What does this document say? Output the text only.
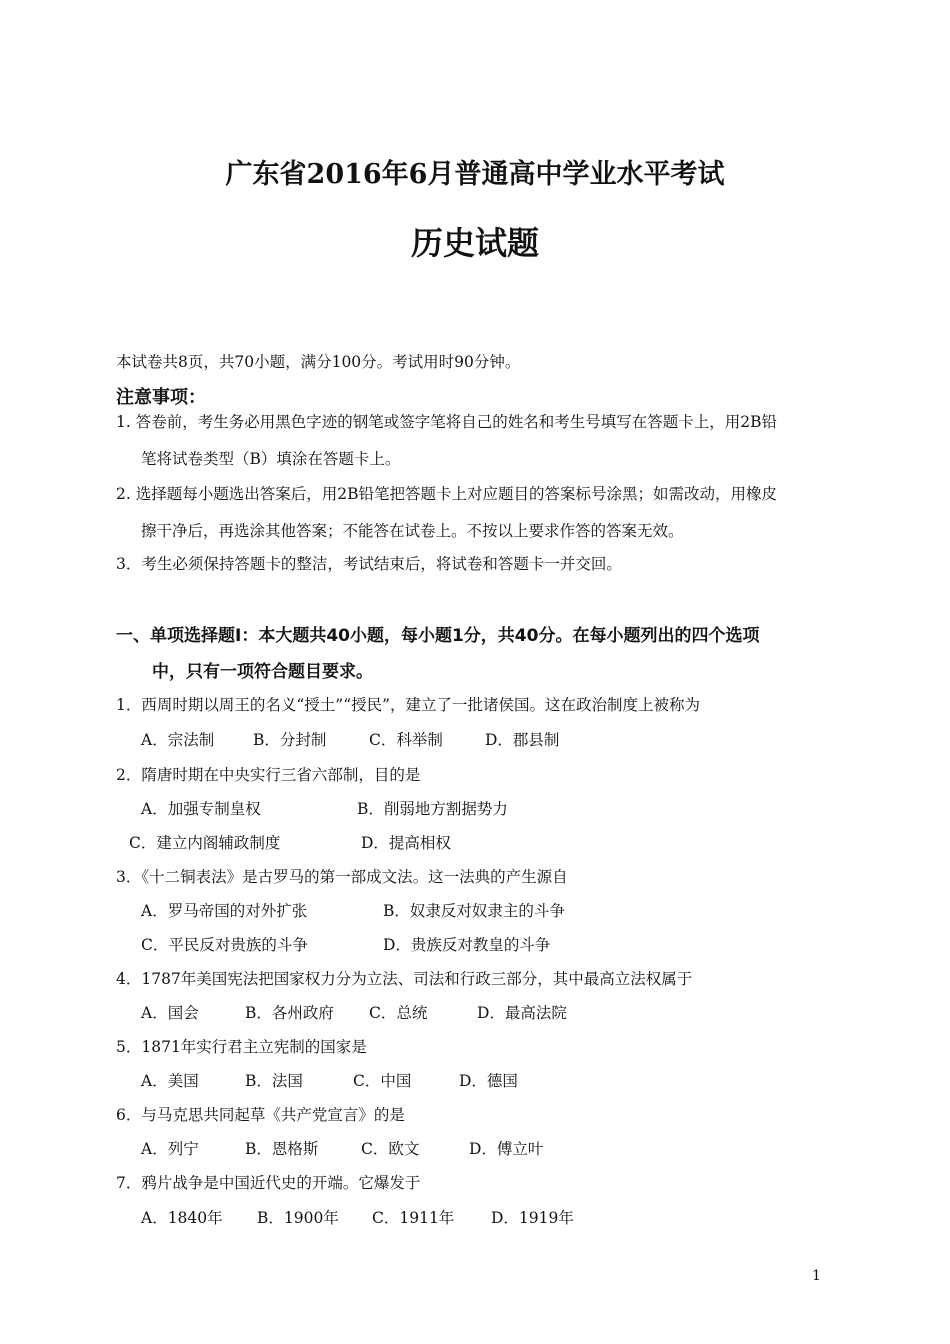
广东省2016年6月普通高中学业水平考试
历史试题
本试卷共8页，共70小题，满分100分。考试用时90分钟。
注意事项：
1. 答卷前，考生务必用黑色字迹的钢笔或签字笔将自己的姓名和考生号填写在答题卡上，用2B铅
笔将试卷类型（B）填涂在答题卡上。
2. 选择题每小题选出答案后，用2B铅笔把答题卡上对应题目的答案标号涂黑；如需改动，用橡皮
擦干净后，再选涂其他答案；不能答在试卷上。不按以上要求作答的答案无效。
3．考生必须保持答题卡的整洁，考试结束后，将试卷和答题卡一并交回。
一、单项选择题Ⅰ：本大题共40小题，每小题1分，共40分。在每小题列出的四个选项
中，只有一项符合题目要求。
1．西周时期以周王的名义“授土”“授民”，建立了一批诸侯国。这在政治制度上被称为
A．宗法制	B．分封制	C．科举制	D．郡县制
2．隋唐时期在中央实行三省六部制，目的是
A．加强专制皇权	B．削弱地方割据势力
C．建立内阁辅政制度	D．提高相权
3．《十二铜表法》是古罗马的第一部成文法。这一法典的产生源自
A．罗马帝国的对外扩张	B．奴隶反对奴隶主的斗争
C．平民反对贵族的斗争	D．贵族反对教皇的斗争
4．1787年美国宪法把国家权力分为立法、司法和行政三部分，其中最高立法权属于
A．国会	B．各州政府 C．总统	D．最高法院
5．1871年实行君主立宪制的国家是
A．美国	B．法国	C．中国	D．德国
6．与马克思共同起草《共产党宣言》的是
A．列宁	B．恩格斯	C．欧文	D．傅立叶
7．鸦片战争是中国近代史的开端。它爆发于
A．1840年 B．1900年 C．1911年 D．1919年
1
